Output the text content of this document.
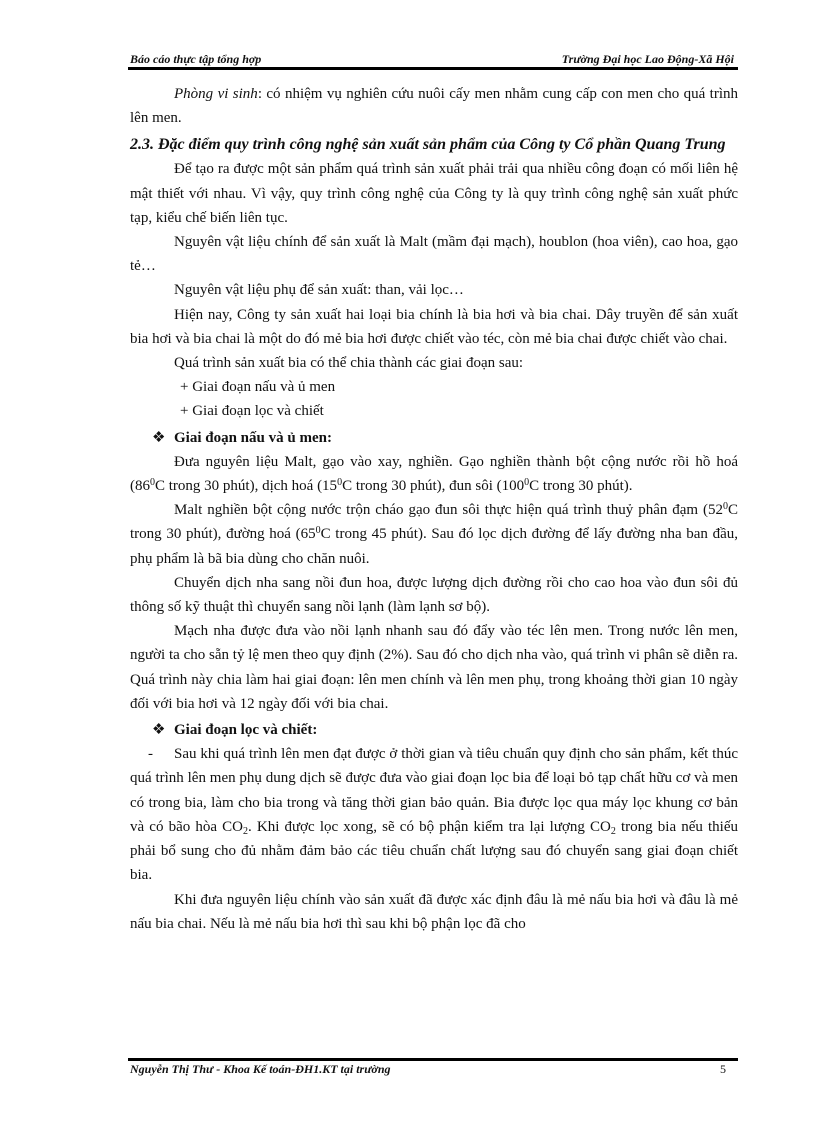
Báo cáo thực tập tổng hợp	Trường Đại học Lao Động-Xã Hội

Phòng vi sinh: có nhiệm vụ nghiên cứu nuôi cấy men nhằm cung cấp con men cho quá trình lên men.

2.3. Đặc điểm quy trình công nghệ sản xuất sản phẩm của Công ty Cổ phần Quang Trung

Để tạo ra được một sản phẩm quá trình sản xuất phải trải qua nhiều công đoạn có mối liên hệ mật thiết với nhau. Vì vậy, quy trình công nghệ của Công ty là quy trình công nghệ sản xuất phức tạp, kiểu chế biến liên tục.

Nguyên vật liệu chính để sản xuất là Malt (mầm đại mạch), houblon (hoa viên), cao hoa, gạo tẻ…

Nguyên vật liệu phụ để sản xuất: than, vải lọc…

Hiện nay, Công ty sản xuất hai loại bia chính là bia hơi và bia chai. Dây truyền để sản xuất bia hơi và bia chai là một do đó mẻ bia hơi được chiết vào téc, còn mẻ bia chai được chiết vào chai.

Quá trình sản xuất bia có thể chia thành các giai đoạn sau:

+ Giai đoạn nấu và ủ men

+ Giai đoạn lọc và chiết

❖ Giai đoạn nấu và ủ men:

Đưa nguyên liệu Malt, gạo vào xay, nghiền. Gạo nghiền thành bột cộng nước rồi hồ hoá ($86^0C$ trong 30 phút), dịch hoá ($15^0C$ trong 30 phút), đun sôi ($100^0C$ trong 30 phút).

Malt nghiền bột cộng nước trộn cháo gạo đun sôi thực hiện quá trình thuỷ phân đạm ($52^0C$ trong 30 phút), đường hoá ($65^0C$ trong 45 phút). Sau đó lọc dịch đường để lấy đường nha ban đầu, phụ phẩm là bã bia dùng cho chăn nuôi.

Chuyển dịch nha sang nồi đun hoa, được lượng dịch đường rồi cho cao hoa vào đun sôi đủ thông số kỹ thuật thì chuyển sang nồi lạnh (làm lạnh sơ bộ).

Mạch nha được đưa vào nồi lạnh nhanh sau đó đẩy vào téc lên men. Trong nước lên men, người ta cho sẵn tỷ lệ men theo quy định (2%). Sau đó cho dịch nha vào, quá trình vi phân sẽ diễn ra. Quá trình này chia làm hai giai đoạn: lên men chính và lên men phụ, trong khoảng thời gian 10 ngày đối với bia hơi và 12 ngày đối với bia chai.

❖ Giai đoạn lọc và chiết:

- Sau khi quá trình lên men đạt được ở thời gian và tiêu chuẩn quy định cho sản phẩm, kết thúc quá trình lên men phụ dung dịch sẽ được đưa vào giai đoạn lọc bia để loại bỏ tạp chất hữu cơ và men có trong bia, làm cho bia trong và tăng thời gian bảo quản. Bia được lọc qua máy lọc khung cơ bản và có bão hòa $CO_2$. Khi được lọc xong, sẽ có bộ phận kiểm tra lại lượng $CO_2$ trong bia nếu thiếu phải bổ sung cho đủ nhằm đảm bảo các tiêu chuẩn chất lượng sau đó chuyển sang giai đoạn chiết bia.

Khi đưa nguyên liệu chính vào sản xuất đã được xác định đâu là mẻ nấu bia hơi và đâu là mẻ nấu bia chai. Nếu là mẻ nấu bia hơi thì sau khi bộ phận lọc đã cho

Nguyễn Thị Thư - Khoa Kế toán-ĐH1.KT tại trường	5
